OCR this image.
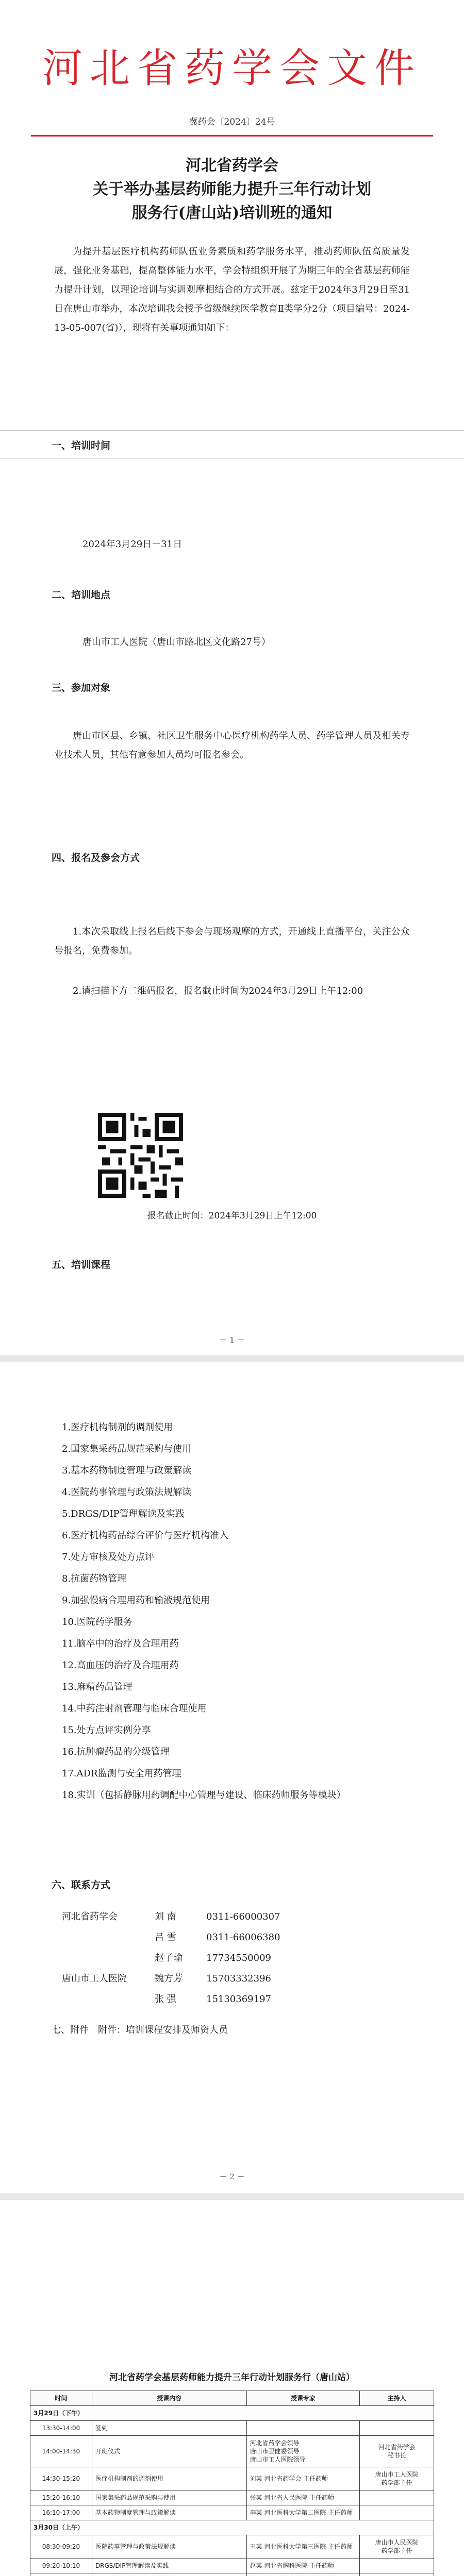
河北省药学会文件
冀药会〔2024〕24号
河北省药学会
关于举办基层药师能力提升三年行动计划
服务行(唐山站)培训班的通知
为提升基层医疗机构药师队伍业务素质和药学服务水平，推动药师队伍高质量发展，强化业务基础，提高整体能力水平，学会特组织开展了为期三年的全省基层药师能力提升计划，以理论培训与实训观摩相结合的方式开展。兹定于2024年3月29日至31日在唐山市举办，本次培训我会授予省级继续医学教育Ⅱ类学分2分（项目编号：2024-13-05-007(省)），现将有关事项通知如下：
一、培训时间
2024年3月29日－31日
二、培训地点
唐山市工人医院（唐山市路北区文化路27号）
三、参加对象
唐山市区县、乡镇、社区卫生服务中心医疗机构药学人员、药学管理人员及相关专业技术人员，其他有意参加人员均可报名参会。
四、报名及参会方式
1.本次采取线上报名后线下参会与现场观摩的方式，开通线上直播平台，关注公众号报名，免费参加。
2.请扫描下方二维码报名，报名截止时间为2024年3月29日上午12:00
报名截止时间：2024年3月29日上午12:00
五、培训课程
－ 1 －
1.医疗机构制剂的调剂使用
2.国家集采药品规范采购与使用
3.基本药物制度管理与政策解读
4.医院药事管理与政策法规解读
5.DRGS/DIP管理解读及实践
6.医疗机构药品综合评价与医疗机构准入
7.处方审核及处方点评
8.抗菌药物管理
9.加强慢病合理用药和输液规范使用
10.医院药学服务
11.脑卒中的治疗及合理用药
12.高血压的治疗及合理用药
13.麻精药品管理
14.中药注射剂管理与临床合理使用
15.处方点评实例分享
16.抗肿瘤药品的分级管理
17.ADR监测与安全用药管理
18.实训（包括静脉用药调配中心管理与建设、临床药师服务等模块）
六、联系方式
河北省药学会	刘 南	0311-66000307
吕 雪	0311-66006380
赵子瑜	17734550009
唐山市工人医院	魏方芳	15703332396
张 强	15130369197
七、附件 附件：培训课程安排及师资人员
－ 2 －
河北省药学会基层药师能力提升三年行动计划服务行（唐山站）
时间	授课内容	授课专家	主持人
3月29日（下午）			
13:30-14:00	签到		
14:00-14:30	开班仪式	河北省药学会领导
唐山市卫健委领导
唐山市工人医院领导	河北省药学会
秘书长
14:30-15:20	医疗机构制剂的调剂使用	刘某 河北省药学会 主任药师	唐山市工人医院
药学部主任
15:20-16:10	国家集采药品规范采购与使用	张某 河北省人民医院 主任药师	
16:10-17:00	基本药物制度管理与政策解读	李某 河北医科大学第二医院 主任药师	
3月30日（上午）			
08:30-09:20	医院药事管理与政策法规解读	王某 河北医科大学第三医院 主任药师	唐山市人民医院
药学部主任
09:20-10:10	DRGS/DIP管理解读及实践	赵某 河北省胸科医院 主任药师	
